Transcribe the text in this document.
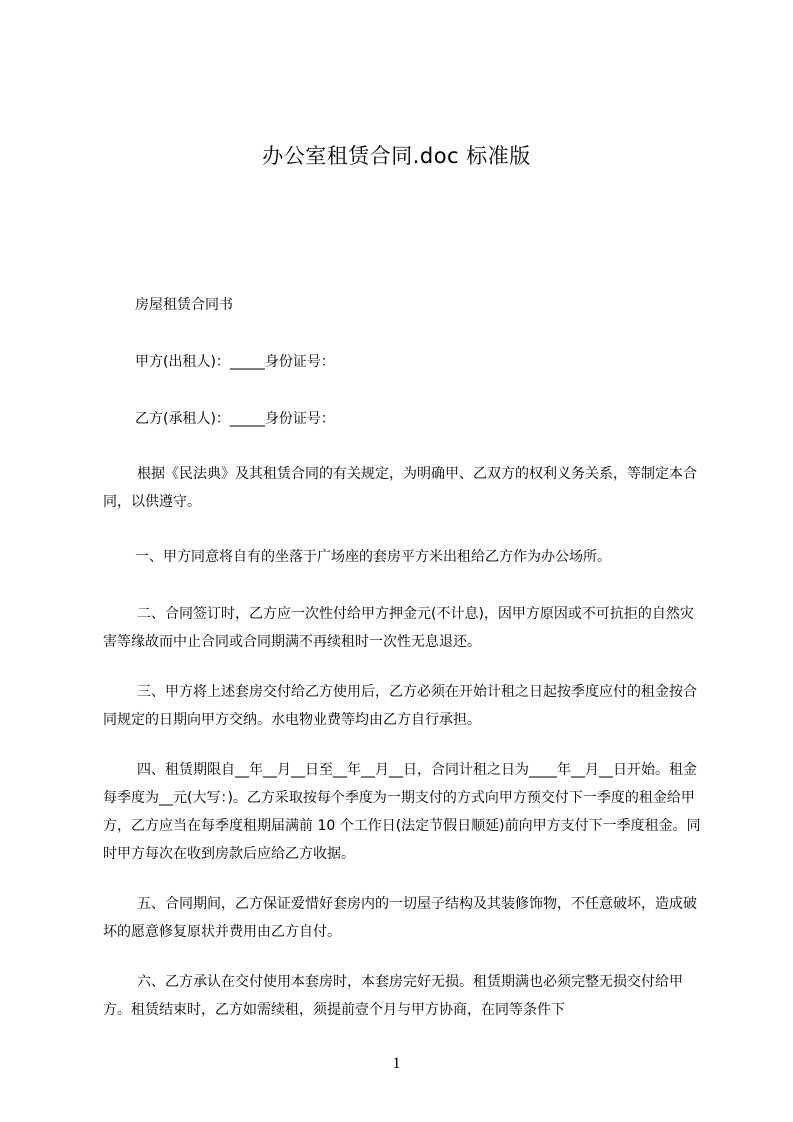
办公室租赁合同.doc 标准版

房屋租赁合同书

甲方(出租人)：_____身份证号：

乙方(承租人)：_____身份证号：

根据《民法典》及其租赁合同的有关规定，为明确甲、乙双方的权利义务关系，等制定本合同，以供遵守。

一、甲方同意将自有的坐落于广场座的套房平方米出租给乙方作为办公场所。

二、合同签订时，乙方应一次性付给甲方押金元(不计息)，因甲方原因或不可抗拒的自然灾害等缘故而中止合同或合同期满不再续租时一次性无息退还。

三、甲方将上述套房交付给乙方使用后，乙方必须在开始计租之日起按季度应付的租金按合同规定的日期向甲方交纳。水电物业费等均由乙方自行承担。

四、租赁期限自__年__月__日至__年__月__日，合同计租之日为____年__月__日开始。租金每季度为__元(大写：)。乙方采取按每个季度为一期支付的方式向甲方预交付下一季度的租金给甲方，乙方应当在每季度租期届满前 10 个工作日(法定节假日顺延)前向甲方支付下一季度租金。同时甲方每次在收到房款后应给乙方收据。

五、合同期间，乙方保证爱惜好套房内的一切屋子结构及其装修饰物，不任意破坏，造成破坏的愿意修复原状并费用由乙方自付。

六、乙方承认在交付使用本套房时，本套房完好无损。租赁期满也必须完整无损交付给甲方。租赁结束时，乙方如需续租，须提前壹个月与甲方协商，在同等条件下

1
